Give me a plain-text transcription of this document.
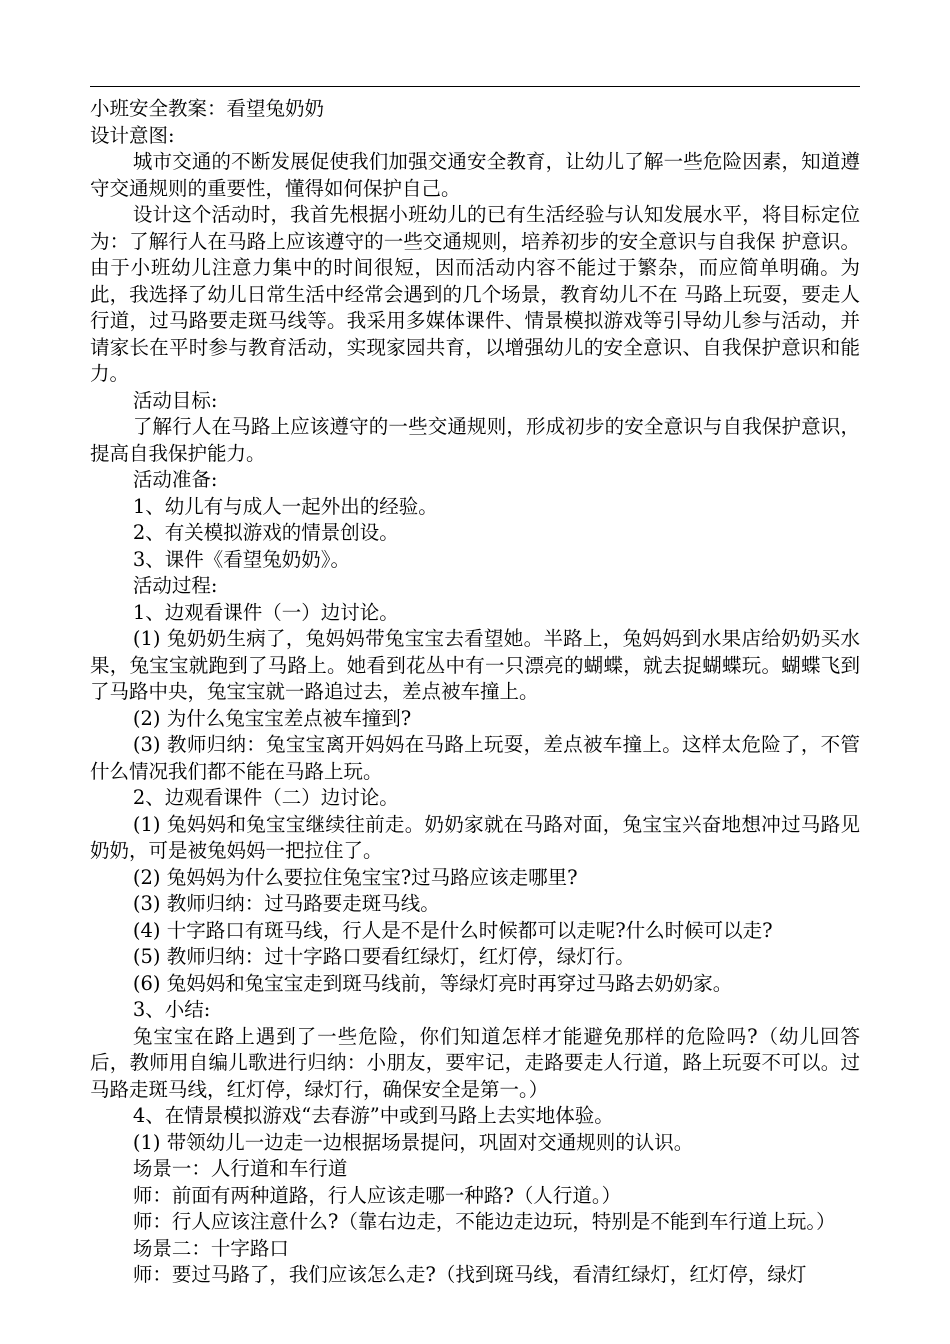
小班安全教案：看望兔奶奶

设计意图:

城市交通的不断发展促使我们加强交通安全教育，让幼儿了解一些危险因素，知道遵守交通规则的重要性，懂得如何保护自己。

设计这个活动时，我首先根据小班幼儿的已有生活经验与认知发展水平，将目标定位为：了解行人在马路上应该遵守的一些交通规则，培养初步的安全意识与自我保 护意识。由于小班幼儿注意力集中的时间很短，因而活动内容不能过于繁杂，而应简单明确。为此，我选择了幼儿日常生活中经常会遇到的几个场景，教育幼儿不在 马路上玩耍，要走人行道，过马路要走斑马线等。我采用多媒体课件、情景模拟游戏等引导幼儿参与活动，并请家长在平时参与教育活动，实现家园共育，以增强幼儿的安全意识、自我保护意识和能力。

活动目标:

了解行人在马路上应该遵守的一些交通规则，形成初步的安全意识与自我保护意识，提高自我保护能力。

活动准备:

1、幼儿有与成人一起外出的经验。

2、有关模拟游戏的情景创设。

3、课件《看望兔奶奶》。

活动过程:

1、边观看课件（一）边讨论。

(1) 兔奶奶生病了，兔妈妈带兔宝宝去看望她。半路上，兔妈妈到水果店给奶奶买水果，兔宝宝就跑到了马路上。她看到花丛中有一只漂亮的蝴蝶，就去捉蝴蝶玩。蝴蝶飞到了马路中央，兔宝宝就一路追过去，差点被车撞上。

(2) 为什么兔宝宝差点被车撞到?

(3) 教师归纳：兔宝宝离开妈妈在马路上玩耍，差点被车撞上。这样太危险了，不管什么情况我们都不能在马路上玩。

2、边观看课件（二）边讨论。

(1) 兔妈妈和兔宝宝继续往前走。奶奶家就在马路对面，兔宝宝兴奋地想冲过马路见奶奶，可是被兔妈妈一把拉住了。

(2) 兔妈妈为什么要拉住兔宝宝?过马路应该走哪里?

(3) 教师归纳：过马路要走斑马线。

(4) 十字路口有斑马线，行人是不是什么时候都可以走呢?什么时候可以走?

(5) 教师归纳：过十字路口要看红绿灯，红灯停，绿灯行。

(6) 兔妈妈和兔宝宝走到斑马线前，等绿灯亮时再穿过马路去奶奶家。

3、小结:

兔宝宝在路上遇到了一些危险，你们知道怎样才能避免那样的危险吗?（幼儿回答后，教师用自编儿歌进行归纳：小朋友，要牢记，走路要走人行道，路上玩耍不可以。过马路走斑马线，红灯停，绿灯行，确保安全是第一。）

4、在情景模拟游戏“去春游”中或到马路上去实地体验。

(1) 带领幼儿一边走一边根据场景提问，巩固对交通规则的认识。

场景一：人行道和车行道

师：前面有两种道路，行人应该走哪一种路?（人行道。）

师：行人应该注意什么?（靠右边走，不能边走边玩，特别是不能到车行道上玩。）

场景二：十字路口

师：要过马路了，我们应该怎么走?（找到斑马线，看清红绿灯，红灯停，绿灯
